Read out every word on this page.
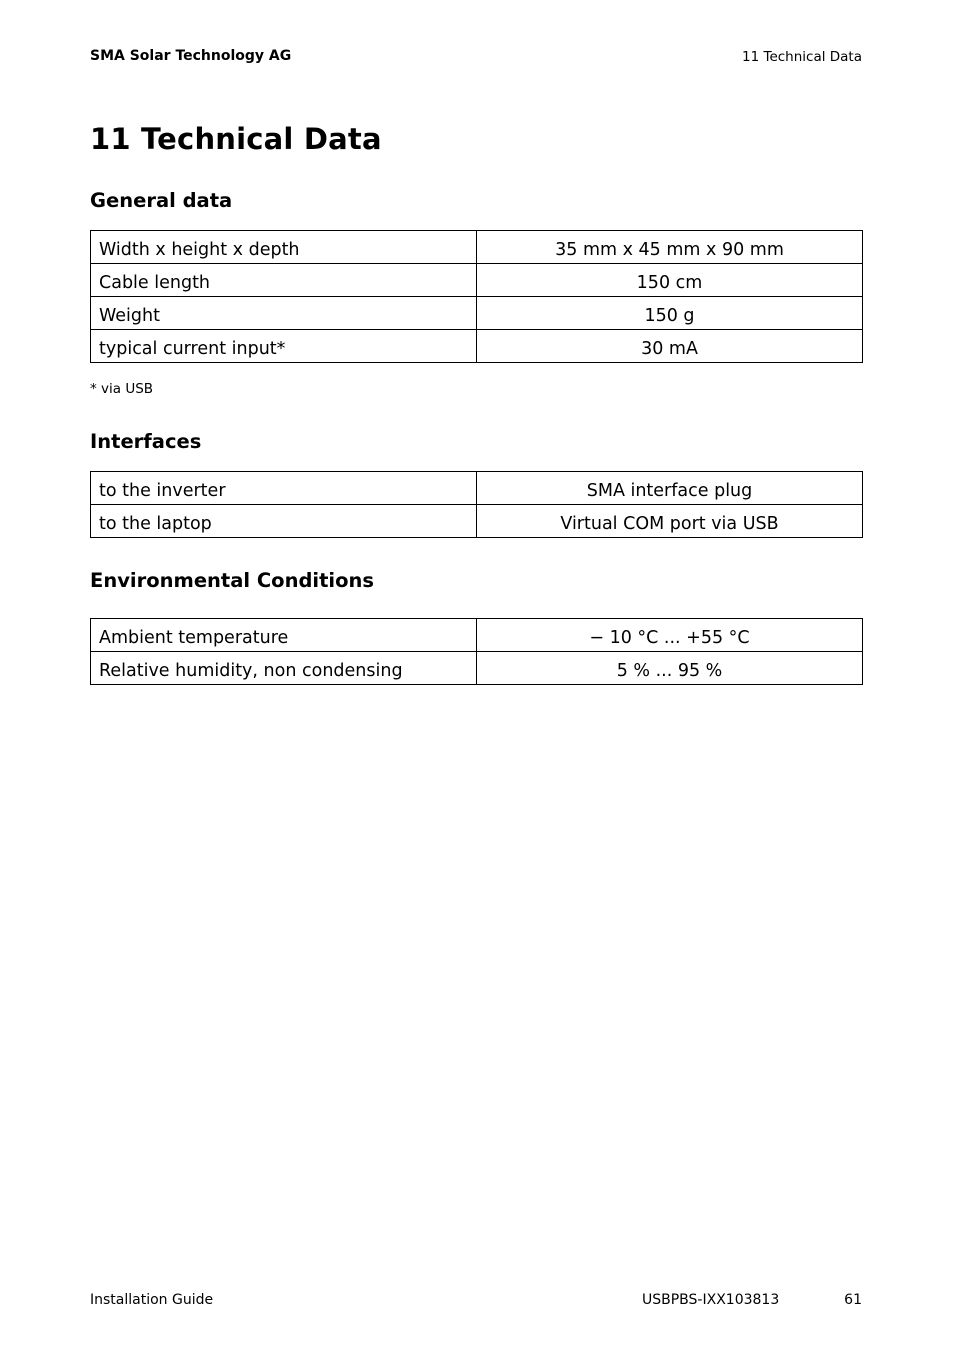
SMA Solar Technology AG	11 Technical Data
11 Technical Data
General data
Width x height x depth	35 mm x 45 mm x 90 mm
Cable length	150 cm
Weight	150 g
typical current input*	30 mA
* via USB
Interfaces
to the inverter	SMA interface plug
to the laptop	Virtual COM port via USB
Environmental Conditions
Ambient temperature	− 10 °C ... +55 °C
Relative humidity, non condensing	5 % ... 95 %
Installation Guide	USBPBS-IXX103813	61
